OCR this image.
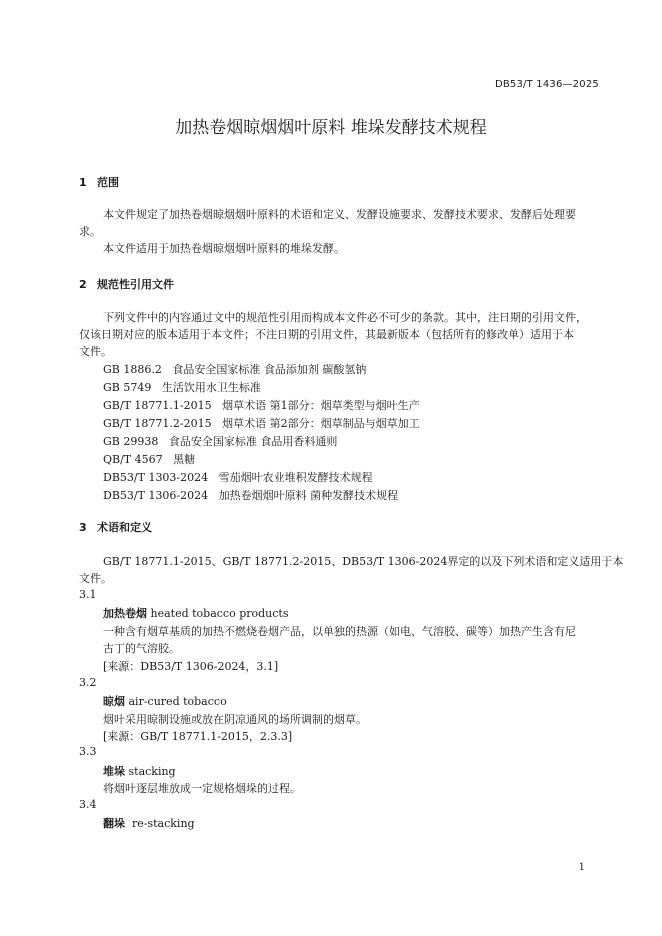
DB53/T 1436—2025
加热卷烟晾烟烟叶原料 堆垛发酵技术规程
1 范围
本文件规定了加热卷烟晾烟烟叶原料的术语和定义、发酵设施要求、发酵技术要求、发酵后处理要
求。
本文件适用于加热卷烟晾烟烟叶原料的堆垛发酵。
2 规范性引用文件
下列文件中的内容通过文中的规范性引用而构成本文件必不可少的条款。其中，注日期的引用文件，
仅该日期对应的版本适用于本文件；不注日期的引用文件，其最新版本（包括所有的修改单）适用于本
文件。
GB 1886.2 食品安全国家标准 食品添加剂 碳酸氢钠
GB 5749 生活饮用水卫生标准
GB/T 18771.1-2015 烟草术语 第1部分：烟草类型与烟叶生产
GB/T 18771.2-2015 烟草术语 第2部分：烟草制品与烟草加工
GB 29938 食品安全国家标准 食品用香料通则
QB/T 4567 黑糖
DB53/T 1303-2024 雪茄烟叶农业堆积发酵技术规程
DB53/T 1306-2024 加热卷烟烟叶原料 菌种发酵技术规程
3 术语和定义
GB/T 18771.1-2015、GB/T 18771.2-2015、DB53/T 1306-2024界定的以及下列术语和定义适用于本
文件。
3.1
加热卷烟 heated tobacco products
一种含有烟草基质的加热不燃烧卷烟产品，以单独的热源（如电、气溶胶、碳等）加热产生含有尼
古丁的气溶胶。
[来源：DB53/T 1306-2024，3.1]
3.2
晾烟 air-cured tobacco
烟叶采用晾制设施或放在阴凉通风的场所调制的烟草。
[来源：GB/T 18771.1-2015，2.3.3]
3.3
堆垛 stacking
将烟叶逐层堆放成一定规格烟垛的过程。
3.4
翻垛 re-stacking
1
